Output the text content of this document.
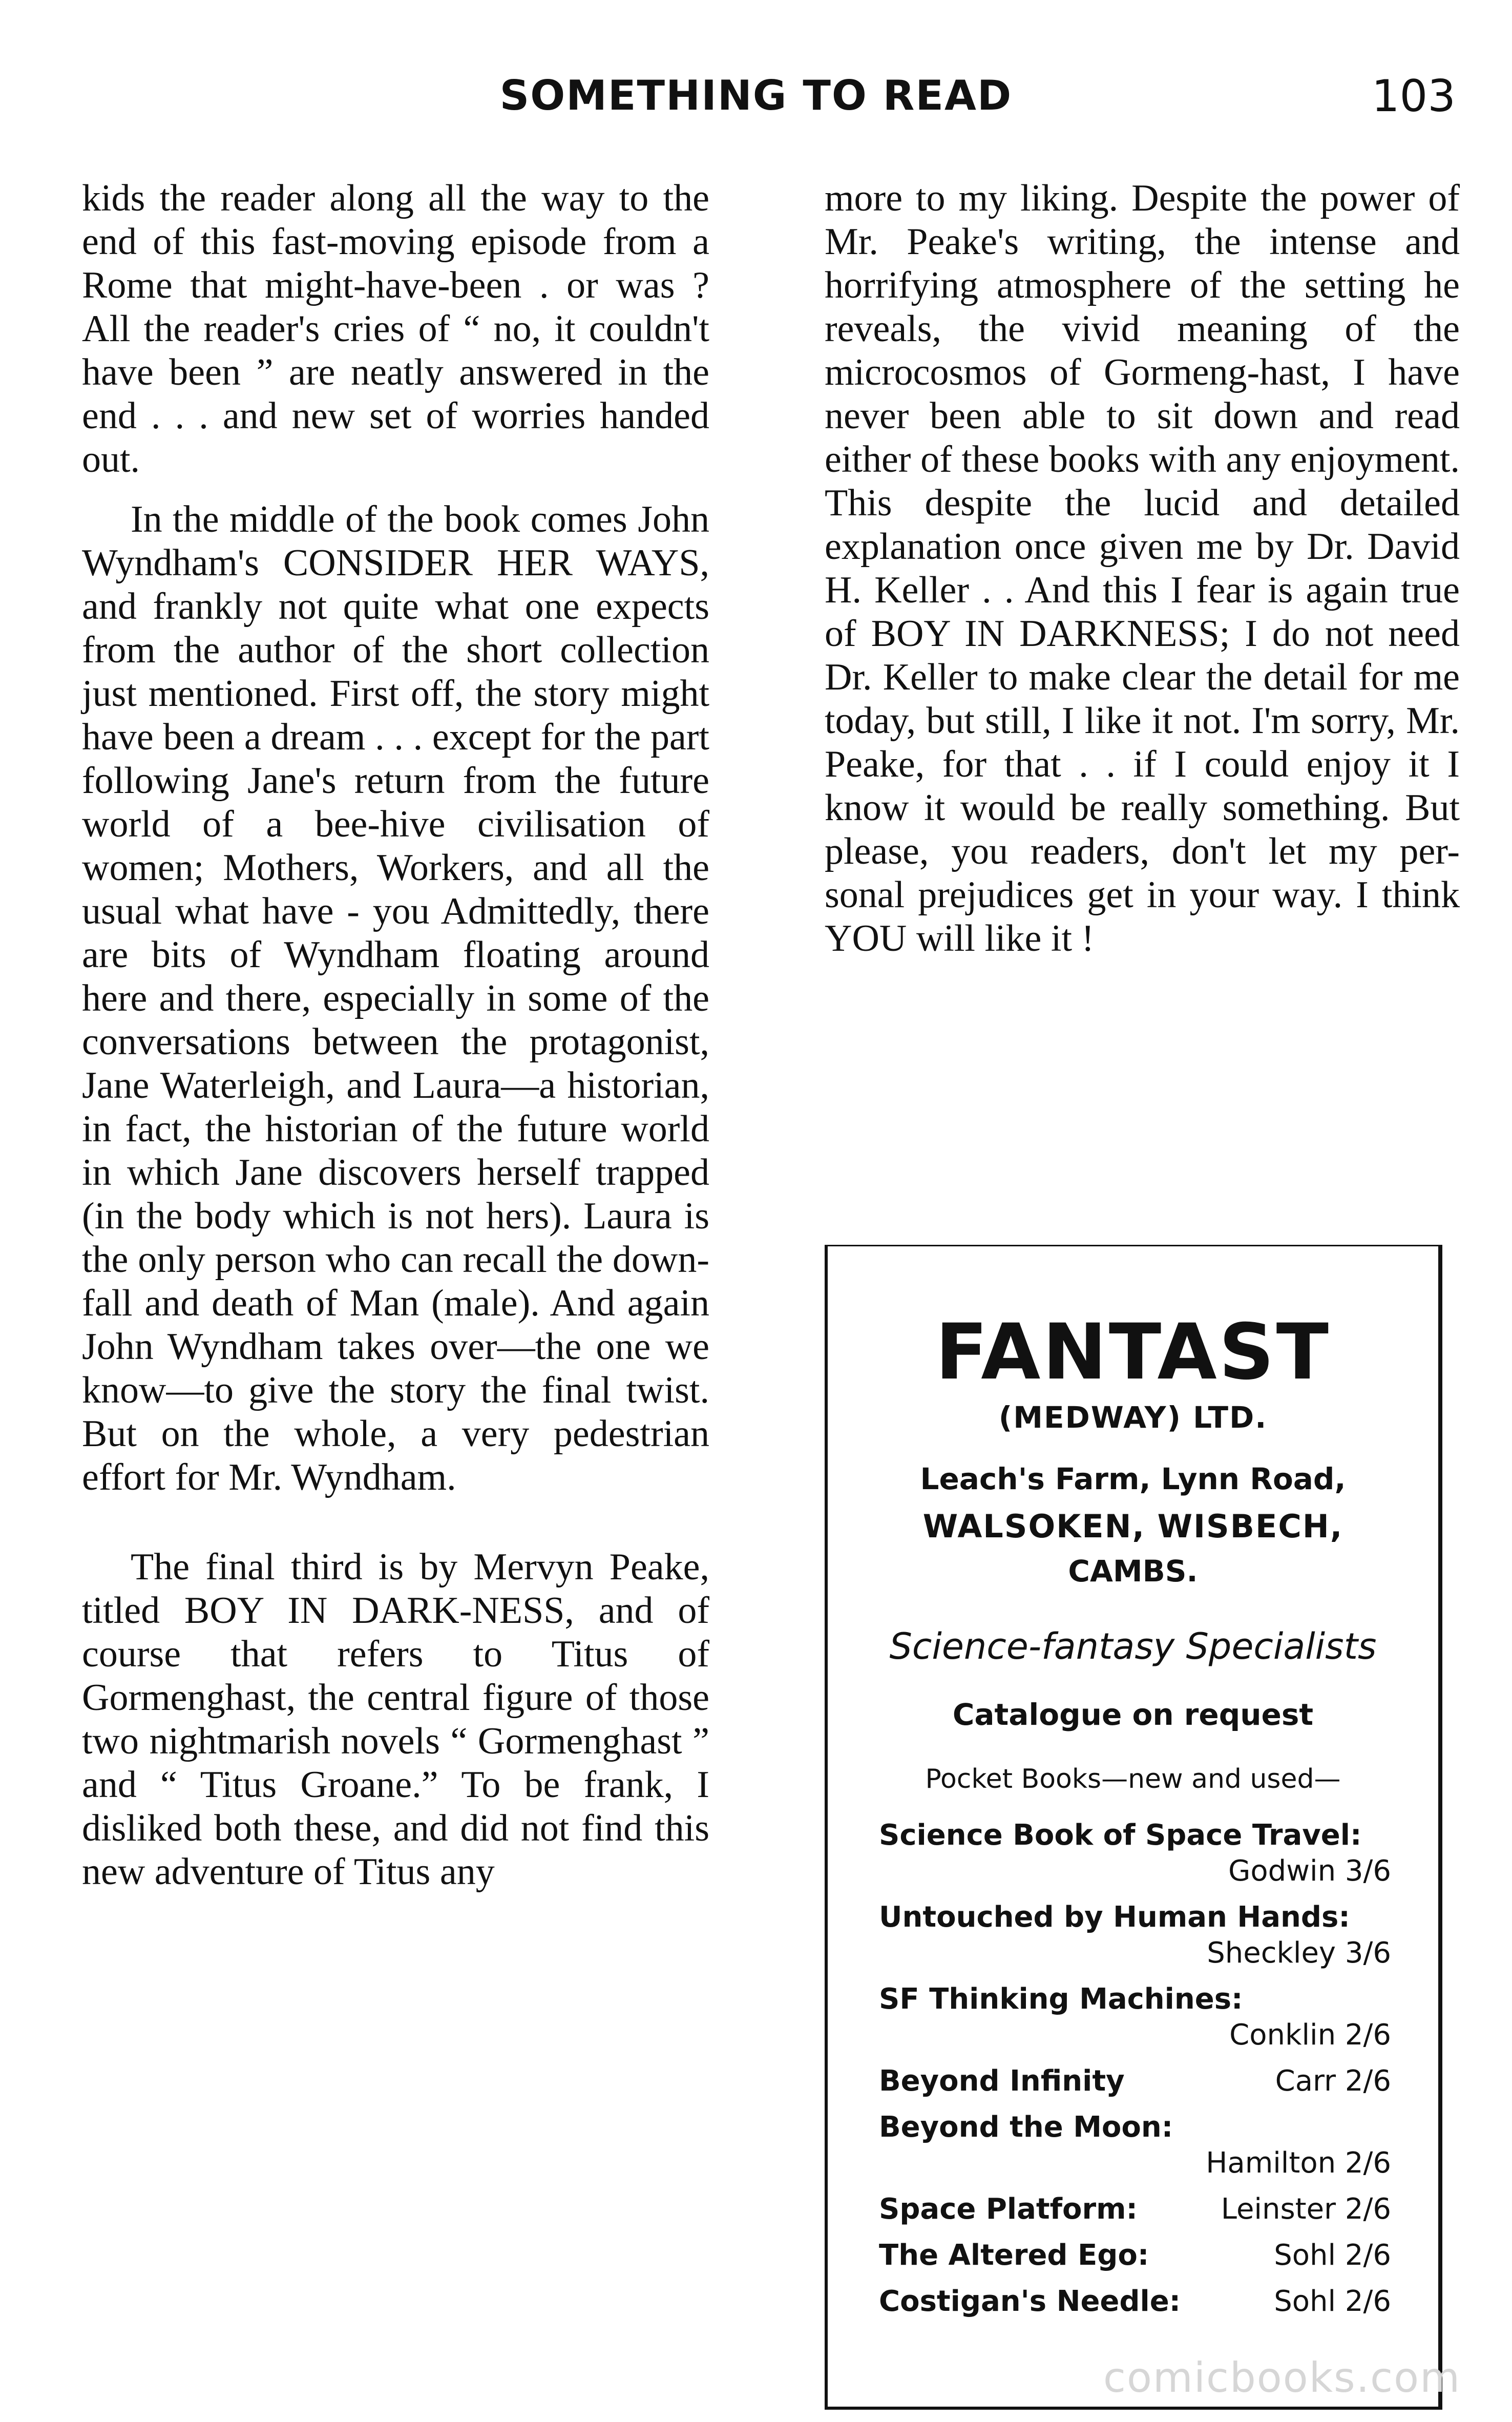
SOMETHING TO READ	103

kids the reader along all the way to the end of this fast-moving episode from a Rome that might-have-been . or was ? All the reader's cries of “ no, it couldn't have been ” are neatly answered in the end . . . and new set of worries handed out.

In the middle of the book comes John Wyndham's CONSIDER HER WAYS, and frankly not quite what one expects from the author of the short collection just mentioned. First off, the story might have been a dream . . . except for the part following Jane's return from the future world of a bee-hive civilisation of women; Mothers, Workers, and all the usual what have - you Admittedly, there are bits of Wyndham floating around here and there, especially in some of the conversations between the protagonist, Jane Waterleigh, and Laura—a historian, in fact, the historian of the future world in which Jane discovers herself trapped (in the body which is not hers). Laura is the only person who can recall the down-fall and death of Man (male). And again John Wyndham takes over—the one we know—to give the story the final twist. But on the whole, a very pedestrian effort for Mr. Wyndham.

The final third is by Mervyn Peake, titled BOY IN DARK-NESS, and of course that refers to Titus of Gormenghast, the central figure of those two nightmarish novels “ Gormenghast ” and “ Titus Groane.” To be frank, I disliked both these, and did not find this new adventure of Titus any

more to my liking. Despite the power of Mr. Peake's writing, the intense and horrifying atmosphere of the setting he reveals, the vivid meaning of the microcosmos of Gormeng-hast, I have never been able to sit down and read either of these books with any enjoyment. This despite the lucid and detailed explanation once given me by Dr. David H. Keller . . And this I fear is again true of BOY IN DARKNESS; I do not need Dr. Keller to make clear the detail for me today, but still, I like it not. I'm sorry, Mr. Peake, for that . . if I could enjoy it I know it would be really something. But please, you readers, don't let my per-sonal prejudices get in your way. I think YOU will like it !

FANTAST
(MEDWAY) LTD.
Leach's Farm, Lynn Road,
WALSOKEN, WISBECH,
CAMBS.
Science-fantasy Specialists
Catalogue on request
Pocket Books—new and used—
Science Book of Space Travel:
Godwin 3/6
Untouched by Human Hands:
Sheckley 3/6
SF Thinking Machines:
Conklin 2/6
Beyond Infinity	Carr 2/6
Beyond the Moon:
Hamilton 2/6
Space Platform:	Leinster 2/6
The Altered Ego:	Sohl 2/6
Costigan's Needle:	Sohl 2/6
comicbooks.com
